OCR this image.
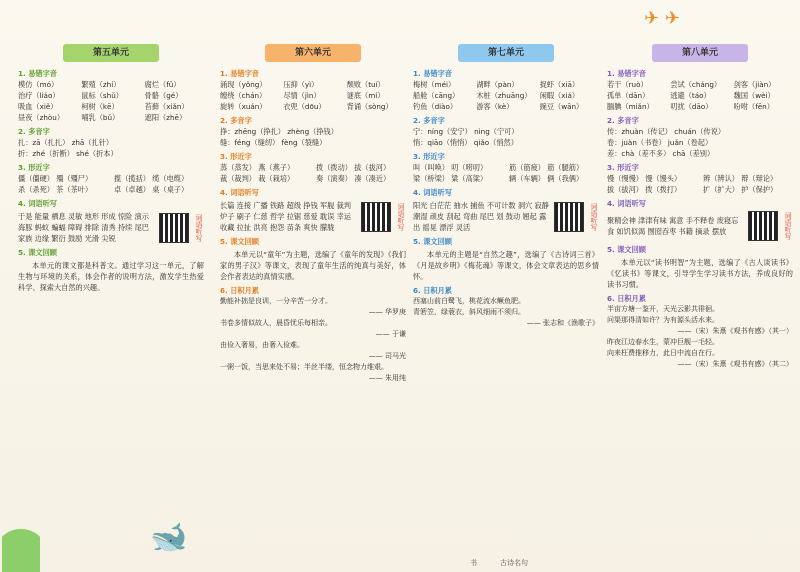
✈ ✈
第五单元
1. 易错字音
模仿（mó）	繁殖（zhí）	腐烂（fǔ）
治疗（liáo）	鼠标（shǔ）	骨骼（gé）
吸血（xiě）	柯树（kē）	苔藓（xiǎn）
昼夜（zhòu）	哺乳（bǔ）	遮阳（zhē）
2. 多音字
扎：zā（扎扎） zhā（扎针）
折：zhé（折断） shé（折本）
3. 形近字
僵（僵硬） 殭（殭尸）	揽（揽括） 缆（电缆）
杀（杀死） 茶（茶叶）	卓（卓越） 桌（桌子）
4. 词语听写
于是 能量 栖息 灵敏 地形 形成 惊险 演示 海豚 蚂蚁 蝙蝠 障碍 排除 清秀 持续 尾巴 家族 边缘 繁衍 鼓励 光滑 尖锐	词语听写
5. 课文回顾

本单元的课文都是科普文。通过学习这一单元，了解生物与环境的关系，体会作者的说明方法，激发学生热爱科学、探索大自然的兴趣。

第六单元
1. 易错字音
涌现（yǒng）	压抑（yì）	颓败（tuí）
缠绕（chán）	尽情（jìn）	谜底（mí）
旋转（xuán）	衣兜（dōu）	背诵（sòng）
2. 多音字
挣：zhēng（挣扎） zhèng（挣钱）
缝：féng（缝纫） fèng（裂缝）
3. 形近字
蒸（蒸发） 燕（燕子）	拨（拨动） 拔（拔河）
裁（裁判） 栽（栽培）	奏（演奏） 凑（凑近）
4. 词语听写
长篇 连接 广播 铁路 超级 挣钱 军舰 裁判 炉子 刷子 仁慈 哲学 拉锯 慈爱 耽误 幸运 收藏 拉扯 洪亮 抱怨 苗条 爽快 朦胧	词语听写
5. 课文回顾

本单元以“童年”为主题，选编了《童年的发现》《我们家的男子汉》等课文，表现了童年生活的纯真与美好，体会作者表达的真情实感。

6. 日积月累
勤能补拙是良训，一分辛苦一分才。
—— 华罗庚
书卷多情似故人，晨昏忧乐每相亲。
—— 于谦
由俭入奢易，由奢入俭难。
—— 司马光
一粥一饭，当思来处不易；半丝半缕，恒念物力维艰。
—— 朱用纯
第七单元
1. 易错字音
梅树（méi）	湖畔（pàn）	捉虾（xiā）
船舱（cāng）	木桩（zhuāng）	闲暇（xiá）
钓鱼（diào）	游客（kè）	豌豆（wān）
2. 多音字
宁：níng（安宁） nìng（宁可）
悄：qiāo（悄悄） qiǎo（悄然）
3. 形近字
叫（叫唤） 叨（唠叨）	筋（筋疲） 筋（腿筋）
梁（桥梁） 粱（高粱）	辆（车辆） 俩（我俩）
4. 词语听写
阳光 白茫茫 抽水 捕鱼 不可计数 洞穴 寂静 潮湿 顽皮 刮起 弯曲 尾巴 划 鼓动 翘起 露出 摇晃 漂浮 灵活	词语听写
5. 课文回顾

本单元的主题是“自然之趣”，选编了《古诗词三首》《月是故乡明》《梅花魂》等课文，体会文章表达的思乡情怀。

6. 日积月累
西塞山前白鹭飞，桃花流水鳜鱼肥。
青箬笠，绿蓑衣，斜风细雨不须归。
—— 张志和《渔歌子》
第八单元
1. 易错字音
若干（ruò）	尝试（cháng）	剑客（jiàn）
孤单（dān）	逃避（táo）	魏国（wèi）
腼腆（miǎn）	叨扰（dāo）	吩咐（fēn）
2. 多音字
传：zhuàn（传记） chuán（传说）
卷：juàn（书卷） juǎn（卷起）
差：chà（差不多） chā（差别）
3. 形近字
慢（慢慢） 馒（馒头）	辨（辨认） 辩（辩论）
拔（拔河） 拨（拨打）	扩（扩大） 护（保护）
4. 词语听写
聚精会神 津津有味 寓意 手不释卷 废寝忘食 如饥似渴 囫囵吞枣 书籍 摘录 摆放	词语听写
5. 课文回顾

本单元以“读书明智”为主题，选编了《古人谈读书》《忆读书》等课文，引导学生学习读书方法，养成良好的读书习惯。

6. 日积月累
半亩方塘一鉴开，天光云影共徘徊。
问渠那得清如许？为有源头活水来。
——（宋）朱熹《观书有感》（其一）
昨夜江边春水生，蒙冲巨舰一毛轻。
向来枉费推移力，此日中流自在行。
——（宋）朱熹《观书有感》（其二）
🐋
书	古诗名句
